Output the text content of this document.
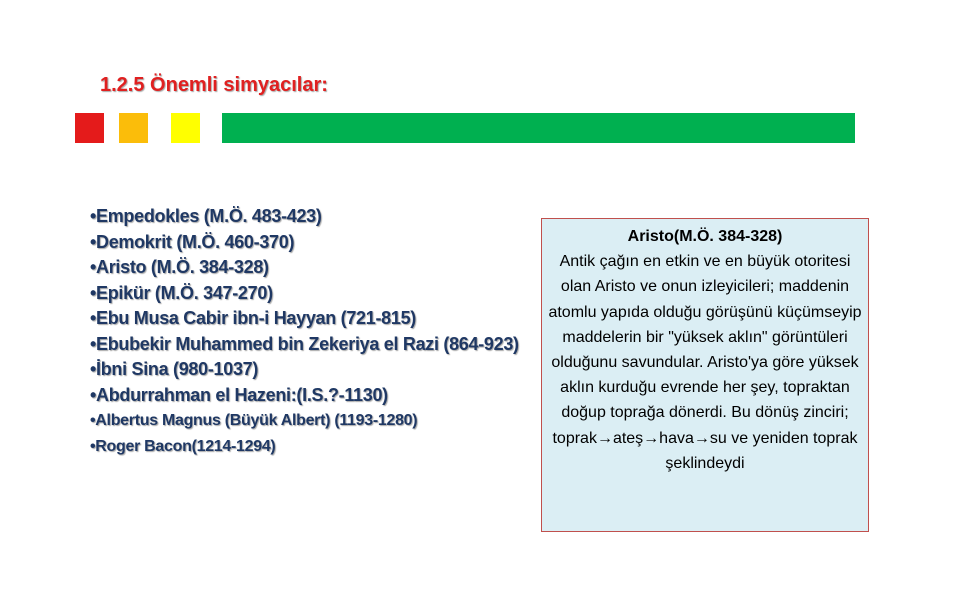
1.2.5 Önemli simyacılar:
•Empedokles (M.Ö. 483-423)
•Demokrit (M.Ö. 460-370)
•Aristo (M.Ö. 384-328)
•Epikür (M.Ö. 347-270)
•Ebu Musa Cabir ibn-i Hayyan (721-815)
•Ebubekir Muhammed bin Zekeriya el Razi (864-923)
•İbni Sina (980-1037)
•Abdurrahman el Hazeni:(I.S.?-1130)
•Albertus Magnus (Büyük Albert) (1193-1280)
•Roger Bacon(1214-1294)

Aristo(M.Ö. 384-328)

Antik çağın en etkin ve en büyük otoritesi olan Aristo ve onun izleyicileri; maddenin atomlu yapıda olduğu görüşünü küçümseyip maddelerin bir "yüksek aklın" görüntüleri olduğunu savundular. Aristo'ya göre yüksek aklın kurduğu evrende her şey, topraktan doğup toprağa dönerdi. Bu dönüş zinciri; toprak→ateş→hava→su ve yeniden toprak şeklindeydi
